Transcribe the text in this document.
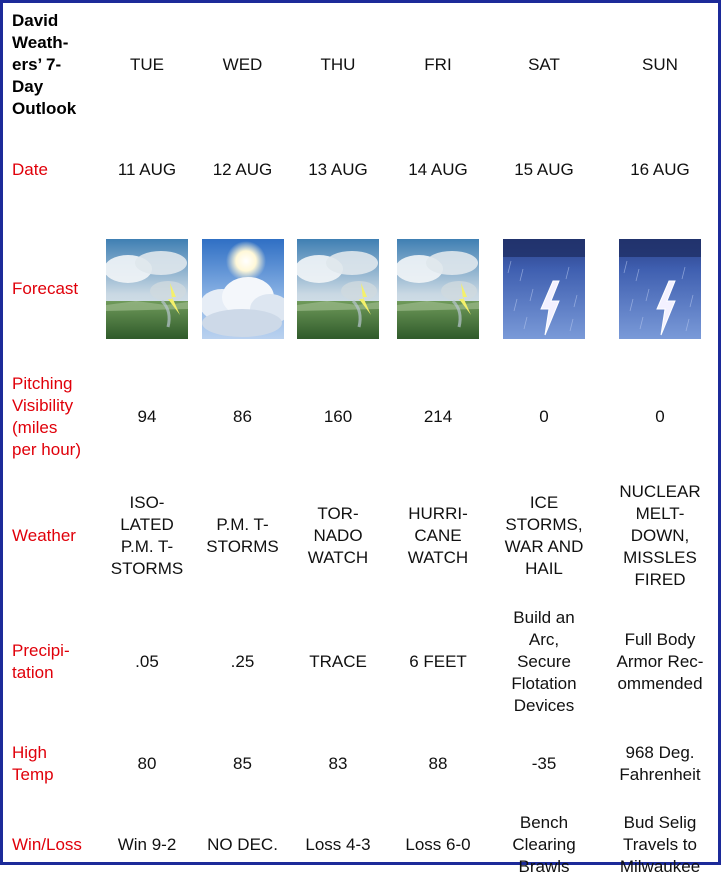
David
Weath-
ers’ 7-
Day
Outlook	TUE	WED	THU	FRI	SAT	SUN
Date	11 AUG	12 AUG	13 AUG	14 AUG	15 AUG	16 AUG
Forecast	

Pitching
Visibility
(miles
per hour)	94	86	160	214	0	0
Weather	ISO-
LATED
P.M. T-
STORMS	P.M. T-
STORMS	TOR-
NADO
WATCH	HURRI-
CANE
WATCH	ICE
STORMS,
WAR AND
HAIL	NUCLEAR
MELT-
DOWN,
MISSLES
FIRED
Precipi-
tation	.05	.25	TRACE	6 FEET	Build an
Arc,
Secure
Flotation
Devices	Full Body
Armor Rec-
ommended
High
Temp	80	85	83	88	-35	968 Deg.
Fahrenheit
Win/Loss	Win 9-2	NO DEC.	Loss 4-3	Loss 6-0	Bench
Clearing
Brawls	Bud Selig
Travels to
Milwaukee
